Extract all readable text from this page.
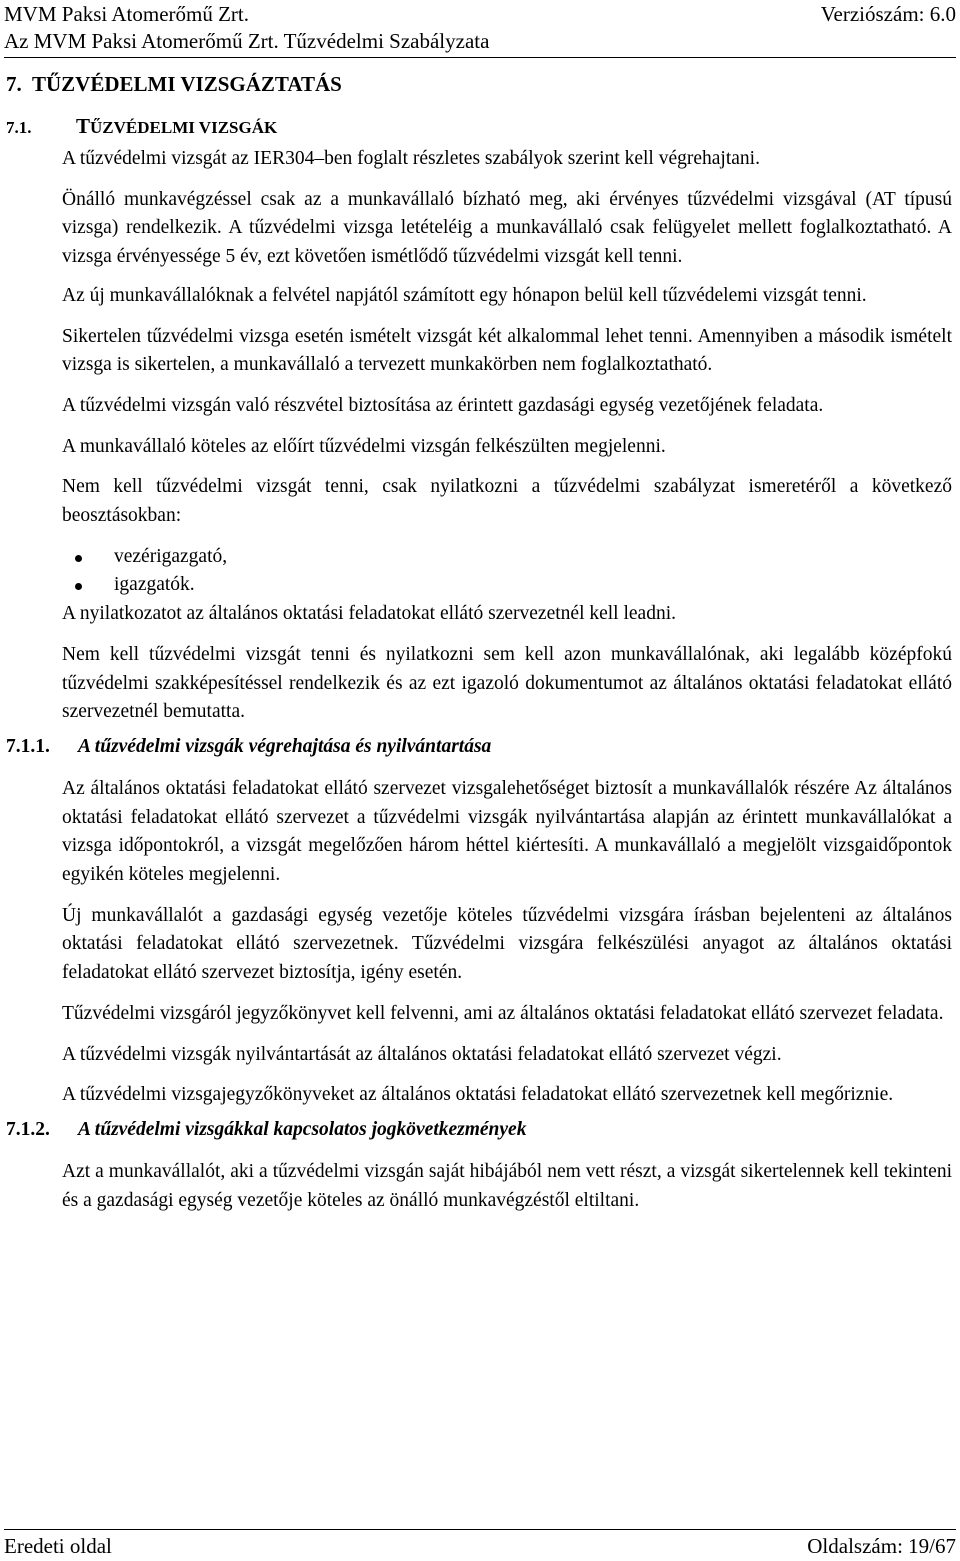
MVM Paksi Atomerőmű Zrt.	Verziószám: 6.0
Az MVM Paksi Atomerőmű Zrt. Tűzvédelmi Szabályzata
7. TŰZVÉDELMI VIZSGÁZTATÁS
7.1. TŰZVÉDELMI VIZSGÁK

A tűzvédelmi vizsgát az IER304–ben foglalt részletes szabályok szerint kell végrehajtani.

Önálló munkavégzéssel csak az a munkavállaló bízható meg, aki érvényes tűzvédelmi vizsgával (AT típusú vizsga) rendelkezik. A tűzvédelmi vizsga letételéig a munkavállaló csak felügyelet mellett foglalkoztatható. A vizsga érvényessége 5 év, ezt követően ismétlődő tűzvédelmi vizsgát kell tenni.

Az új munkavállalóknak a felvétel napjától számított egy hónapon belül kell tűzvédelemi vizsgát tenni.

Sikertelen tűzvédelmi vizsga esetén ismételt vizsgát két alkalommal lehet tenni. Amennyiben a második ismételt vizsga is sikertelen, a munkavállaló a tervezett munkakörben nem foglalkoztatható.

A tűzvédelmi vizsgán való részvétel biztosítása az érintett gazdasági egység vezetőjének feladata.

A munkavállaló köteles az előírt tűzvédelmi vizsgán felkészülten megjelenni.

Nem kell tűzvédelmi vizsgát tenni, csak nyilatkozni a tűzvédelmi szabályzat ismeretéről a következő beosztásokban:

vezérigazgató,
igazgatók.

A nyilatkozatot az általános oktatási feladatokat ellátó szervezetnél kell leadni.

Nem kell tűzvédelmi vizsgát tenni és nyilatkozni sem kell azon munkavállalónak, aki legalább középfokú tűzvédelmi szakképesítéssel rendelkezik és az ezt igazoló dokumentumot az általános oktatási feladatokat ellátó szervezetnél bemutatta.

7.1.1. A tűzvédelmi vizsgák végrehajtása és nyilvántartása

Az általános oktatási feladatokat ellátó szervezet vizsgalehetőséget biztosít a munkavállalók részére Az általános oktatási feladatokat ellátó szervezet a tűzvédelmi vizsgák nyilvántartása alapján az érintett munkavállalókat a vizsga időpontokról, a vizsgát megelőzően három héttel kiértesíti. A munkavállaló a megjelölt vizsgaidőpontok egyikén köteles megjelenni.

Új munkavállalót a gazdasági egység vezetője köteles tűzvédelmi vizsgára írásban bejelenteni az általános oktatási feladatokat ellátó szervezetnek. Tűzvédelmi vizsgára felkészülési anyagot az általános oktatási feladatokat ellátó szervezet biztosítja, igény esetén.

Tűzvédelmi vizsgáról jegyzőkönyvet kell felvenni, ami az általános oktatási feladatokat ellátó szervezet feladata.

A tűzvédelmi vizsgák nyilvántartását az általános oktatási feladatokat ellátó szervezet végzi.

A tűzvédelmi vizsgajegyzőkönyveket az általános oktatási feladatokat ellátó szervezetnek kell megőriznie.

7.1.2. A tűzvédelmi vizsgákkal kapcsolatos jogkövetkezmények

Azt a munkavállalót, aki a tűzvédelmi vizsgán saját hibájából nem vett részt, a vizsgát sikertelennek kell tekinteni és a gazdasági egység vezetője köteles az önálló munkavégzéstől eltiltani.

Eredeti oldal	Oldalszám: 19/67
